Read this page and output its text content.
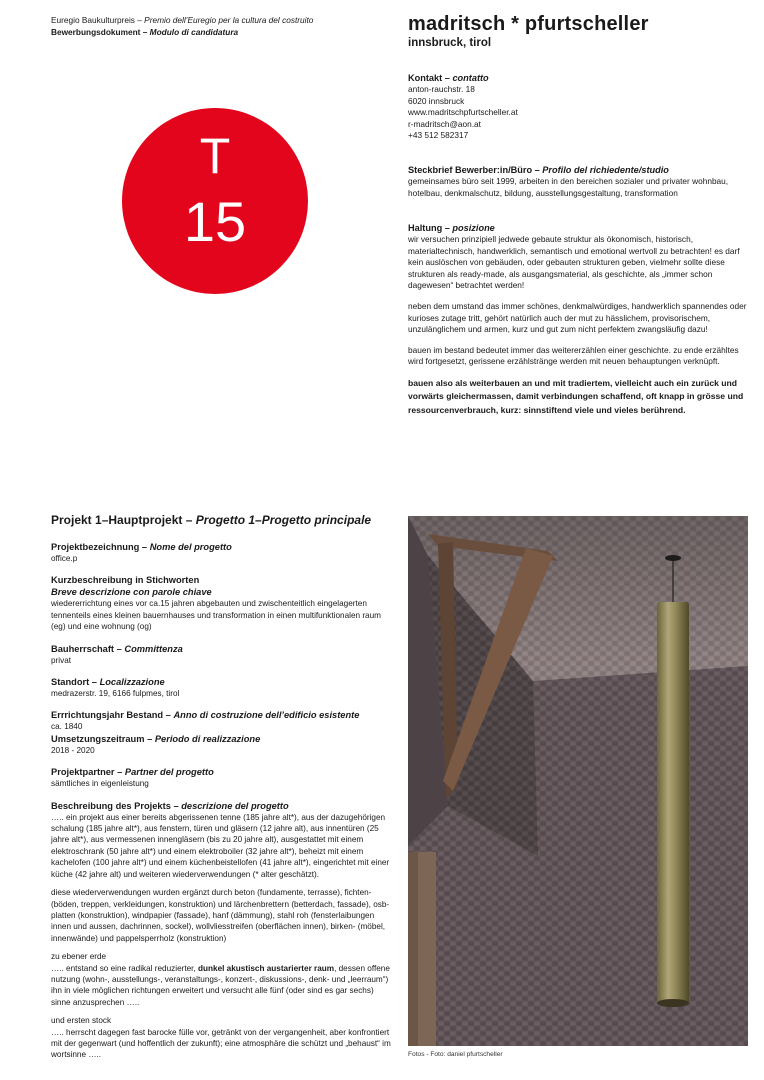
Euregio Baukulturpreis – Premio dell’Euregio per la cultura del costruito
Bewerbungsdokument – Modulo di candidatura
T
15
madritsch * pfurtscheller
innsbruck, tirol
Kontakt – contatto
anton-rauchstr. 18
6020 innsbruck
www.madritschpfurtscheller.at
r-madritsch@aon.at
+43 512 582317
Steckbrief Bewerber:in/Büro – Profilo del richiedente/studio
gemeinsames büro seit 1999, arbeiten in den bereichen sozialer und privater wohnbau, hotelbau, denkmalschutz, bildung, ausstellungsgestaltung, transformation
Haltung – posizione

wir versuchen prinzipiell jedwede gebaute struktur als ökonomisch, historisch, materialtechnisch, handwerklich, semantisch und emotional wertvoll zu betrachten! es darf kein auslöschen von gebäuden, oder gebauten strukturen geben, vielmehr sollte diese strukturen als ready-made, als ausgangsmaterial, als geschichte, als „immer schon dagewesen“ betrachtet werden!

neben dem umstand das immer schönes, denkmalwürdiges, handwerklich spannendes oder kurioses zutage tritt, gehört natürlich auch der mut zu hässlichem, provisorischem, unzulänglichem und armen, kurz und gut zum nicht perfektem zwangsläufig dazu!

bauen im bestand bedeutet immer das weitererzählen einer geschichte. zu ende erzähltes wird fortgesetzt, gerissene erzählstränge werden mit neuen behauptungen verknüpft.

bauen also als weiterbauen an und mit tradiertem, vielleicht auch ein zurück und vorwärts gleichermassen, damit verbindungen schaffend, oft knapp in grösse und ressourcenverbrauch, kurz: sinnstiftend viele und vieles berührend.

Projekt 1–Hauptprojekt – Progetto 1–Progetto principale
Projektbezeichnung – Nome del progetto
office.p
Kurzbeschreibung in Stichworten
Breve descrizione con parole chiave
wiedererrichtung eines vor ca.15 jahren abgebauten und zwischenteitlich eingelagerten tennenteils eines kleinen bauernhauses und transformation in einen multifunktionalen raum (eg) und eine wohnung (og)
Bauherrschaft – Committenza
privat
Standort – Localizzazione
medrazerstr. 19, 6166 fulpmes, tirol
Errrichtungsjahr Bestand – Anno di costruzione dell’edificio esistente
ca. 1840
Umsetzungszeitraum – Periodo di realizzazione
2018 - 2020
Projektpartner – Partner del progetto
sämtliches in eigenleistung
Beschreibung des Projekts – descrizione del progetto

….. ein projekt aus einer bereits abgerissenen tenne (185 jahre alt*), aus der dazugehörigen schalung (185 jahre alt*), aus fenstern, türen und gläsern (12 jahre alt), aus innentüren (25 jahre alt*), aus vermessenen innengläsern (bis zu 20 jahre alt), ausgestattet mit einem elektroschrank (50 jahre alt*) und einem elektroboiler (32 jahre alt*), beheizt mit einem kachelofen (100 jahre alt*) und einem küchenbeistellofen (41 jahre alt*), eingerichtet mit einer küche (42 jahre alt) und weiteren wiederverwendungen (* alter geschätzt).

diese wiederverwendungen wurden ergänzt durch beton (fundamente, terrasse), fichten- (böden, treppen, verkleidungen, konstruktion) und lärchenbrettern (betterdach, fassade), osb-platten (konstruktion), windpapier (fassade), hanf (dämmung), stahl roh (fensterlaibungen innen und aussen, dachrinnen, sockel), wollvliesstreifen (oberflächen innen), birken- (möbel, innenwände) und pappelsperrholz (konstruktion)

zu ebener erde
….. entstand so eine radikal reduzierter, dunkel akustisch austarierter raum, dessen offene nutzung (wohn-, ausstellungs-, veranstaltungs-, konzert-, diskussions-, denk- und „leerraum“) ihn in viele möglichen richtungen erweitert und versucht alle fünf (oder sind es gar sechs) sinne anzusprechen …..

und ersten stock
….. herrscht dagegen fast barocke fülle vor, getränkt von der vergangenheit, aber konfrontiert mit der gegenwart (und hoffentlich der zukunft); eine atmosphäre die schützt und „behaust“ im wortsinne …..	Fotos - Foto: daniel pfurtscheller
